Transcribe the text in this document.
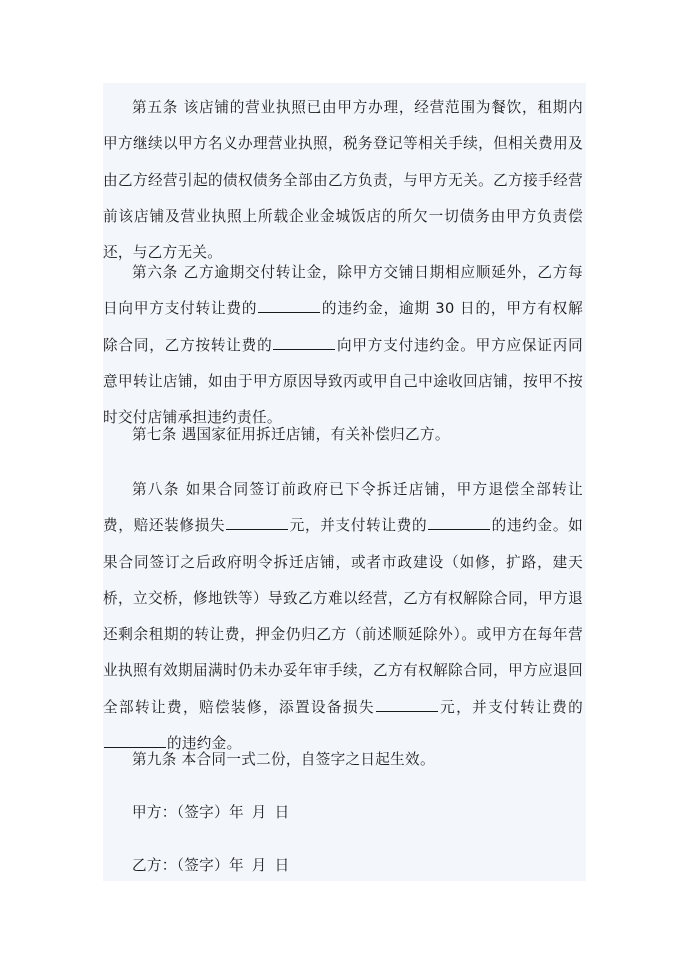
第五条 该店铺的营业执照已由甲方办理，经营范围为餐饮，租期内甲方继续以甲方名义办理营业执照，税务登记等相关手续，但相关费用及由乙方经营引起的债权债务全部由乙方负责，与甲方无关。乙方接手经营前该店铺及营业执照上所载企业金城饭店的所欠一切债务由甲方负责偿还，与乙方无关。

第六条 乙方逾期交付转让金，除甲方交铺日期相应顺延外，乙方每日向甲方支付转让费的	的违约金，逾期 30 日的，甲方有权解除合同，乙方按转让费的	向甲方支付违约金。甲方应保证丙同意甲转让店铺，如由于甲方原因导致丙或甲自己中途收回店铺，按甲不按时交付店铺承担违约责任。

第七条 遇国家征用拆迁店铺，有关补偿归乙方。

第八条 如果合同签订前政府已下令拆迁店铺，甲方退偿全部转让费，赔还装修损失	元，并支付转让费的	的违约金。如果合同签订之后政府明令拆迁店铺，或者市政建设（如修，扩路，建天桥，立交桥，修地铁等）导致乙方难以经营，乙方有权解除合同，甲方退还剩余租期的转让费，押金仍归乙方（前述顺延除外）。或甲方在每年营业执照有效期届满时仍未办妥年审手续，乙方有权解除合同，甲方应退回全部转让费，赔偿装修，添置设备损失	元，并支付转让费的的违约金。

第九条 本合同一式二份，自签字之日起生效。

甲方：（签字）年 月 日

乙方：（签字）年 月 日
